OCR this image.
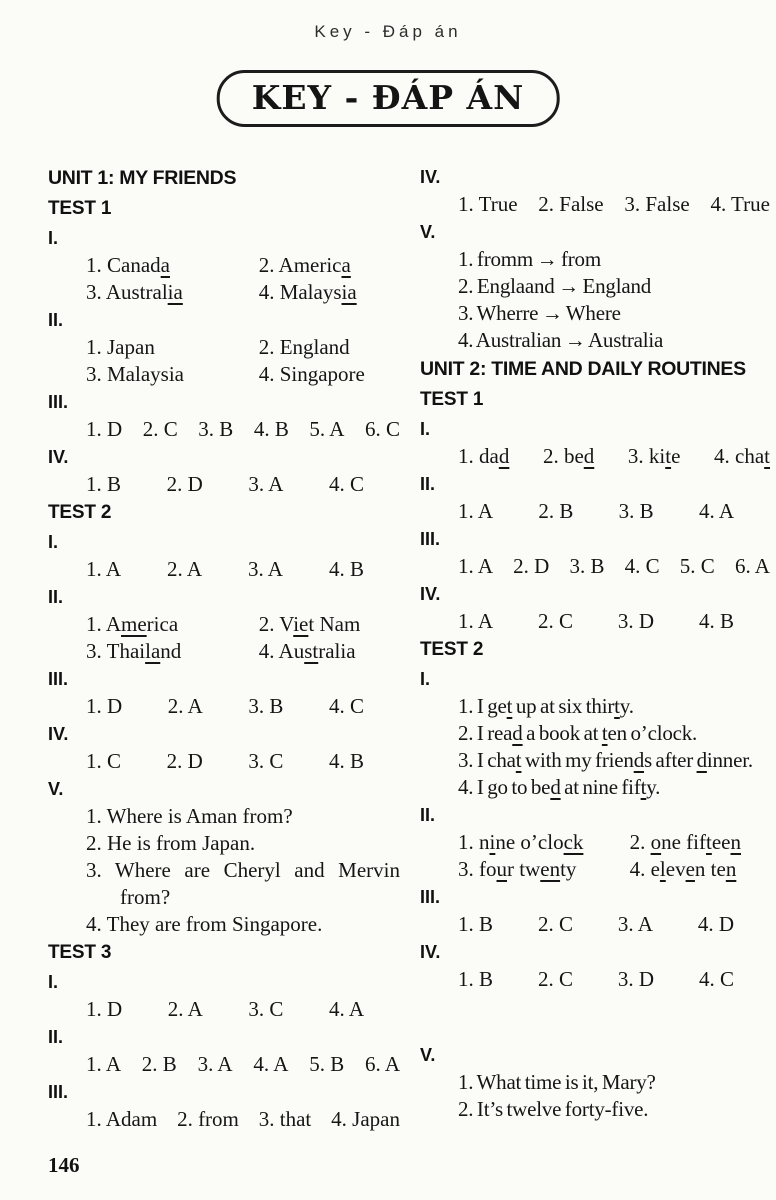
Key - Đáp án
KEY - ĐÁP ÁN
UNIT 1: MY FRIENDS
TEST 1
I.
1. Canada	2. America
3. Australia	4. Malaysia
II.
1. Japan	2. England
3. Malaysia	4. Singapore
III.
1. D 2. C 3. B 4. B 5. A 6. C
IV.
1. B 2. D 3. A 4. C
TEST 2
I.
1. A 2. A 3. A 4. B
II.
1. America	2. Viet Nam
3. Thailand	4. Australia
III.
1. D 2. A 3. B 4. C
IV.
1. C 2. D 3. C 4. B
V.
1. Where is Aman from?
2. He is from Japan.
3. Where are Cheryl and Mervin from?
4. They are from Singapore.
TEST 3
I.
1. D 2. A 3. C 4. A
II.
1. A 2. B 3. A 4. A 5. B 6. A
III.
1. Adam 2. from 3. that 4. Japan
IV.
1. True 2. False 3. False 4. True
V.
1. fromm → from
2. Englaand → England
3. Wherre → Where
4. Australian → Australia
UNIT 2: TIME AND DAILY ROUTINES
TEST 1
I.
1. dad 2. bed 3. kite 4. chat
II.
1. A 2. B 3. B 4. A
III.
1. A 2. D 3. B 4. C 5. C 6. A
IV.
1. A 2. C 3. D 4. B
TEST 2
I.
1. I get up at six thirty.
2. I read a book at ten o’clock.
3. I chat with my friends after dinner.
4. I go to bed at nine fifty.
II.
1. nine o’clock	2. one fifteen
3. four twenty	4. eleven ten
III.
1. B 2. C 3. A 4. D
IV.
1. B 2. C 3. D 4. C
V.
1. What time is it, Mary?
2. It’s twelve forty-five.
146
